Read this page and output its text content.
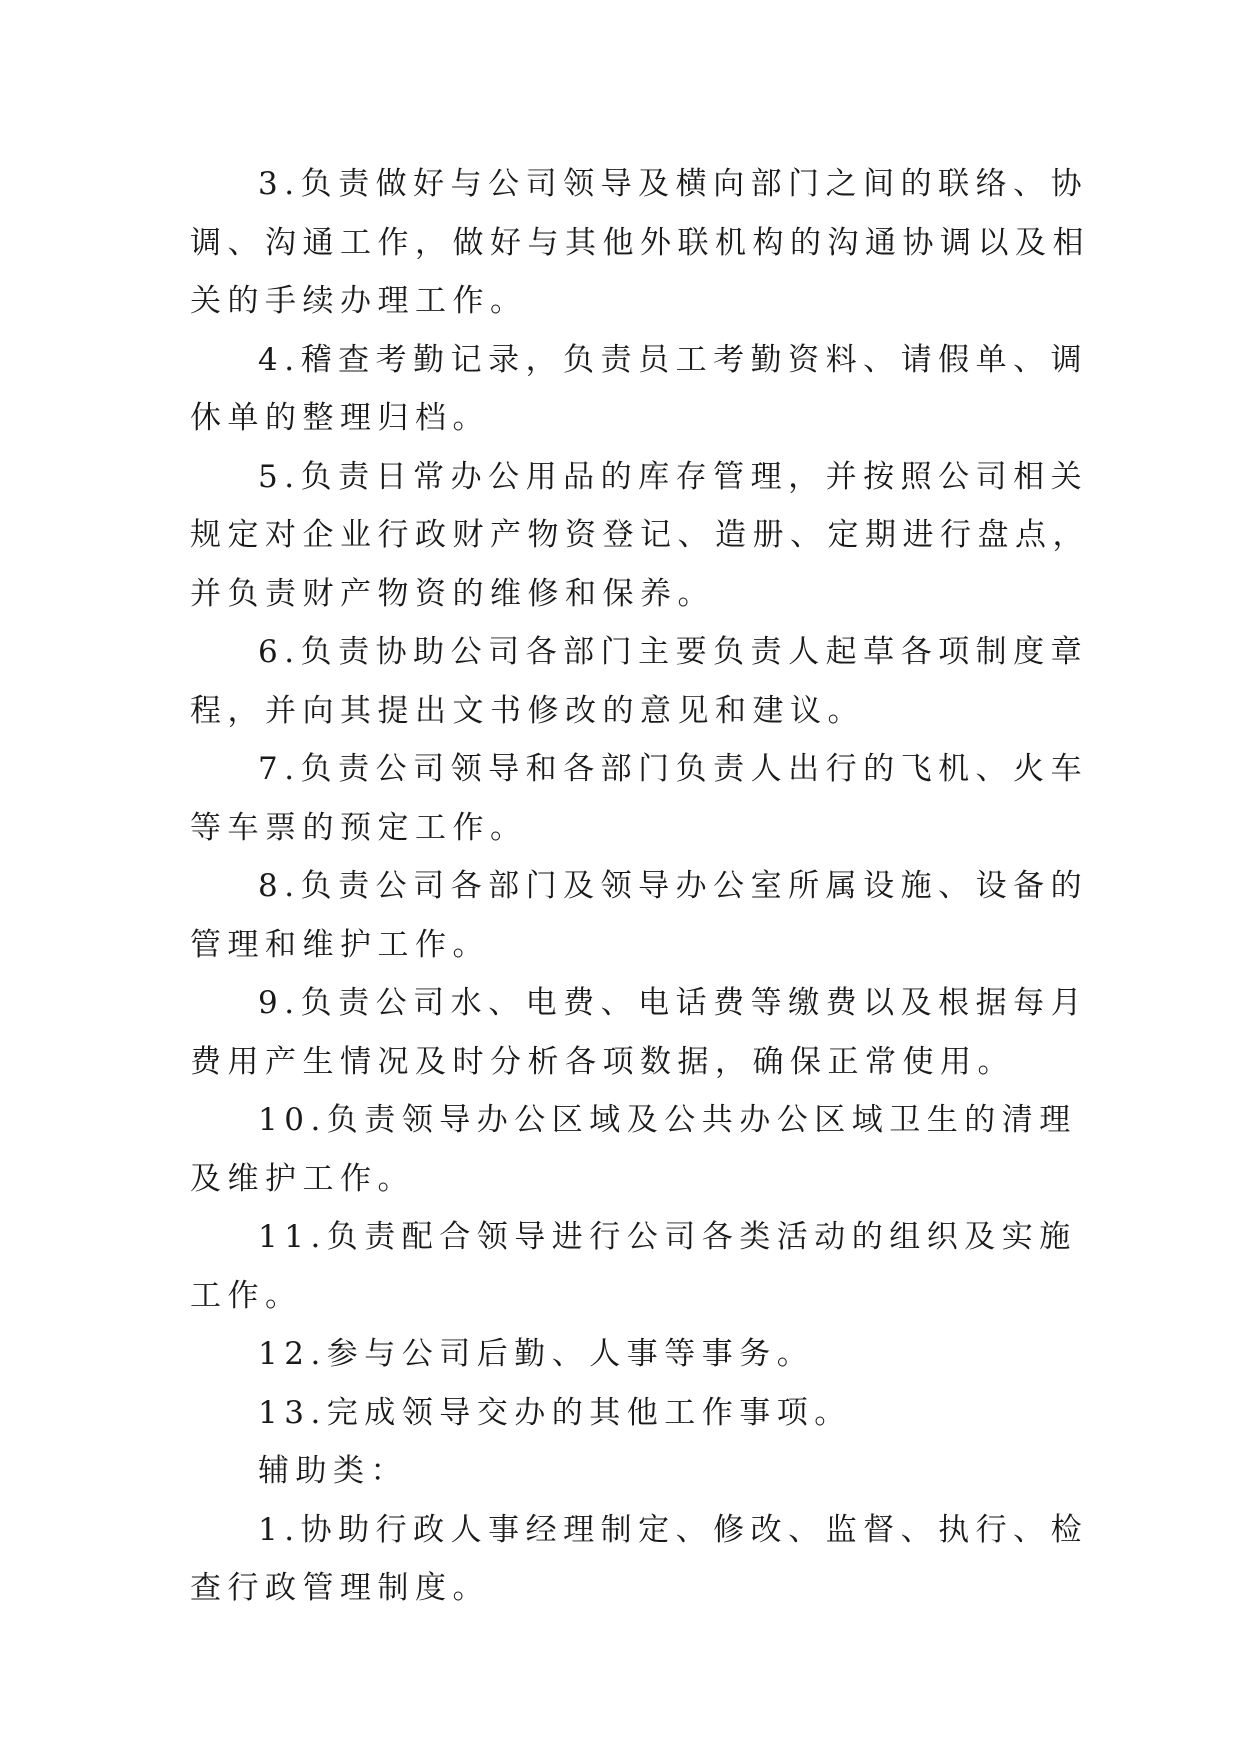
3.负责做好与公司领导及横向部门之间的联络、协调、沟通工作，做好与其他外联机构的沟通协调以及相关的手续办理工作。

4.稽查考勤记录，负责员工考勤资料、请假单、调休单的整理归档。

5.负责日常办公用品的库存管理，并按照公司相关规定对企业行政财产物资登记、造册、定期进行盘点，并负责财产物资的维修和保养。

6.负责协助公司各部门主要负责人起草各项制度章程，并向其提出文书修改的意见和建议。

7.负责公司领导和各部门负责人出行的飞机、火车等车票的预定工作。

8.负责公司各部门及领导办公室所属设施、设备的管理和维护工作。

9.负责公司水、电费、电话费等缴费以及根据每月费用产生情况及时分析各项数据，确保正常使用。

10.负责领导办公区域及公共办公区域卫生的清理及维护工作。

11.负责配合领导进行公司各类活动的组织及实施工作。

12.参与公司后勤、人事等事务。

13.完成领导交办的其他工作事项。

辅助类：

1.协助行政人事经理制定、修改、监督、执行、检查行政管理制度。
